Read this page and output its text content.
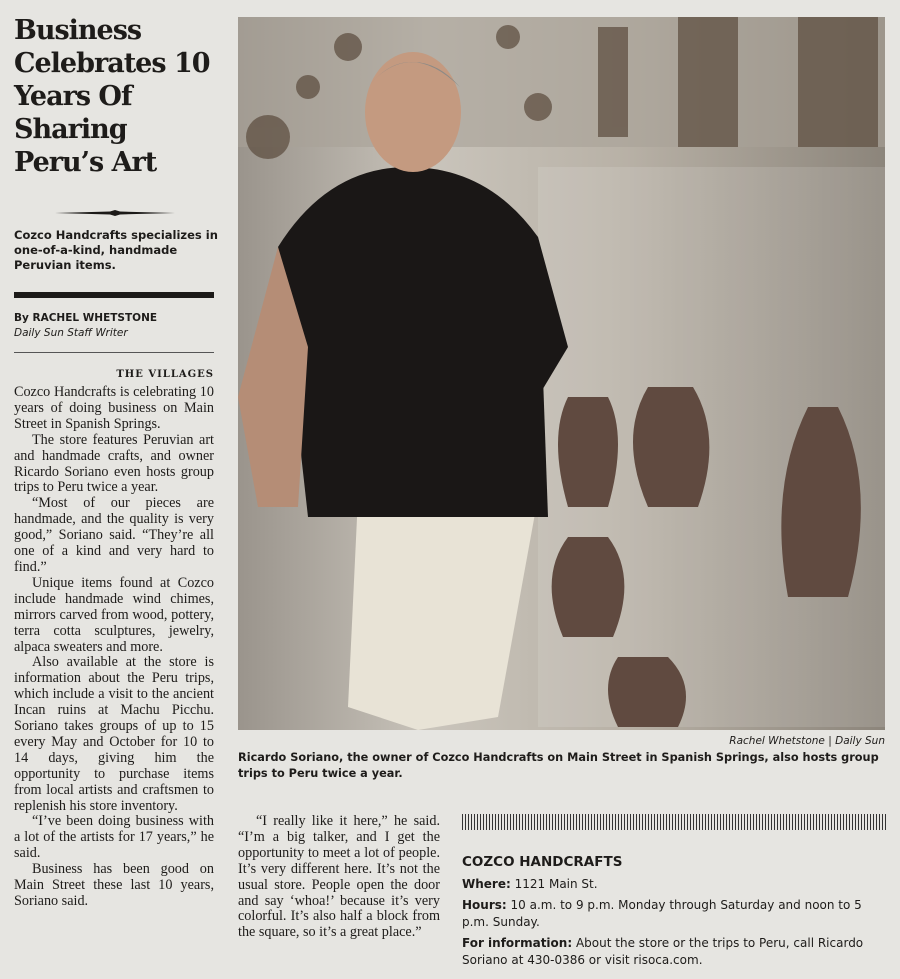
Business Celebrates 10 Years Of Sharing Peru’s Art
Cozco Handcrafts specializes in one-of-a-kind, handmade Peruvian items.
By RACHEL WHETSTONE
Daily Sun Staff Writer
THE VILLAGES

Cozco Handcrafts is celebrating 10 years of doing business on Main Street in Spanish Springs.

The store features Peruvian art and handmade crafts, and owner Ricardo Soriano even hosts group trips to Peru twice a year.

“Most of our pieces are handmade, and the quality is very good,” Soriano said. “They’re all one of a kind and very hard to find.”

Unique items found at Cozco include handmade wind chimes, mirrors carved from wood, pottery, terra cotta sculptures, jewelry, alpaca sweaters and more.

Also available at the store is information about the Peru trips, which include a visit to the ancient Incan ruins at Machu Picchu. Soriano takes groups of up to 15 every May and October for 10 to 14 days, giving him the opportunity to purchase items from local artists and craftsmen to replenish his store inventory.

“I’ve been doing business with a lot of the artists for 17 years,” he said.

Business has been good on Main Street these last 10 years, Soriano said.

Rachel Whetstone | Daily Sun
Ricardo Soriano, the owner of Cozco Handcrafts on Main Street in Spanish Springs, also hosts group trips to Peru twice a year.

“I really like it here,” he said. “I’m a big talker, and I get the opportunity to meet a lot of people. It’s very different here. It’s not the usual store. People open the door and say ‘whoa!’ because it’s very colorful. It’s also half a block from the square, so it’s a great place.”

COZCO HANDCRAFTS

Where: 1121 Main St.

Hours: 10 a.m. to 9 p.m. Monday through Saturday and noon to 5 p.m. Sunday.

For information: About the store or the trips to Peru, call Ricardo Soriano at 430-0386 or visit risoca.com.
